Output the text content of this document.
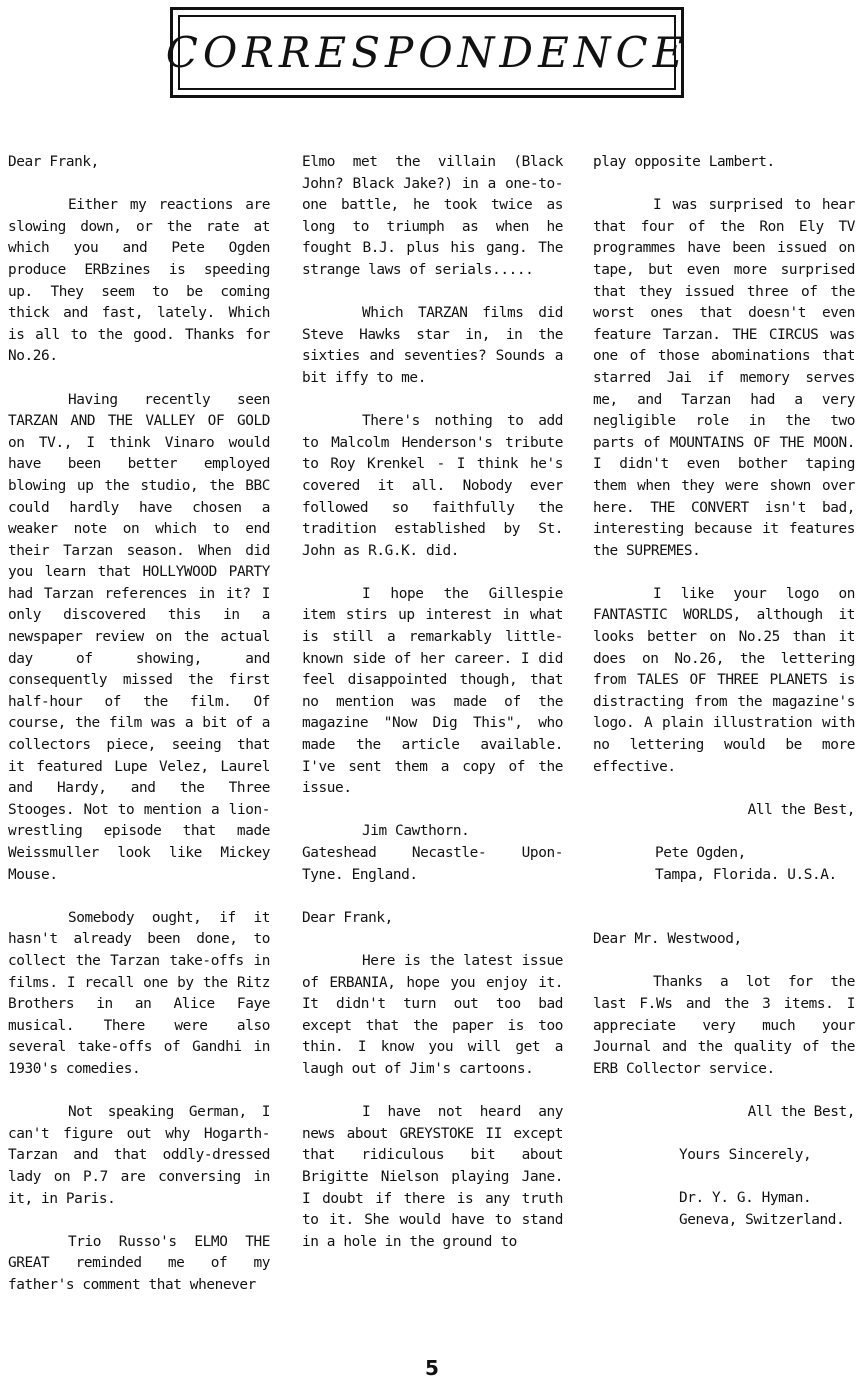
CORRESPONDENCE

Dear Frank,

Either my reactions are slowing down, or the rate at which you and Pete Ogden produce ERBzines is speeding up. They seem to be coming thick and fast, lately. Which is all to the good. Thanks for No.26.

Having recently seen TARZAN AND THE VALLEY OF GOLD on TV., I think Vinaro would have been better employed blowing up the studio, the BBC could hardly have chosen a weaker note on which to end their Tarzan season. When did you learn that HOLLYWOOD PARTY had Tarzan references in it? I only discovered this in a newspaper review on the actual day of showing, and consequently missed the first half-hour of the film. Of course, the film was a bit of a collectors piece, seeing that it featured Lupe Velez, Laurel and Hardy, and the Three Stooges. Not to mention a lion-wrestling episode that made Weissmuller look like Mickey Mouse.

Somebody ought, if it hasn't already been done, to collect the Tarzan take-offs in films. I recall one by the Ritz Brothers in an Alice Faye musical. There were also several take-offs of Gandhi in 1930's comedies.

Not speaking German, I can't figure out why Hogarth-Tarzan and that oddly-dressed lady on P.7 are conversing in it, in Paris.

Trio Russo's ELMO THE GREAT reminded me of my father's comment that whenever

Elmo met the villain (Black John? Black Jake?) in a one-to-one battle, he took twice as long to triumph as when he fought B.J. plus his gang. The strange laws of serials.....

Which TARZAN films did Steve Hawks star in, in the sixties and seventies? Sounds a bit iffy to me.

There's nothing to add to Malcolm Henderson's tribute to Roy Krenkel - I think he's covered it all. Nobody ever followed so faithfully the tradition established by St. John as R.G.K. did.

I hope the Gillespie item stirs up interest in what is still a remarkably little-known side of her career. I did feel disappointed though, that no mention was made of the magazine "Now Dig This", who made the article available. I've sent them a copy of the issue.

Jim Cawthorn.
Gateshead Necastle- Upon-
Tyne. England.

Dear Frank,

Here is the latest issue of ERBANIA, hope you enjoy it. It didn't turn out too bad except that the paper is too thin. I know you will get a laugh out of Jim's cartoons.

I have not heard any news about GREYSTOKE II except that ridiculous bit about Brigitte Nielson playing Jane. I doubt if there is any truth to it. She would have to stand in a hole in the ground to

play opposite Lambert.

I was surprised to hear that four of the Ron Ely TV programmes have been issued on tape, but even more surprised that they issued three of the worst ones that doesn't even feature Tarzan. THE CIRCUS was one of those abominations that starred Jai if memory serves me, and Tarzan had a very negligible role in the two parts of MOUNTAINS OF THE MOON. I didn't even bother taping them when they were shown over here. THE CONVERT isn't bad, interesting because it features the SUPREMES.

I like your logo on FANTASTIC WORLDS, although it looks better on No.25 than it does on No.26, the lettering from TALES OF THREE PLANETS is distracting from the magazine's logo. A plain illustration with no lettering would be more effective.

All the Best,

Pete Ogden,
Tampa, Florida. U.S.A.

Dear Mr. Westwood,

Thanks a lot for the last F.Ws and the 3 items. I appreciate very much your Journal and the quality of the ERB Collector service.

All the Best,

Yours Sincerely,

Dr. Y. G. Hyman.
Geneva, Switzerland.

5
